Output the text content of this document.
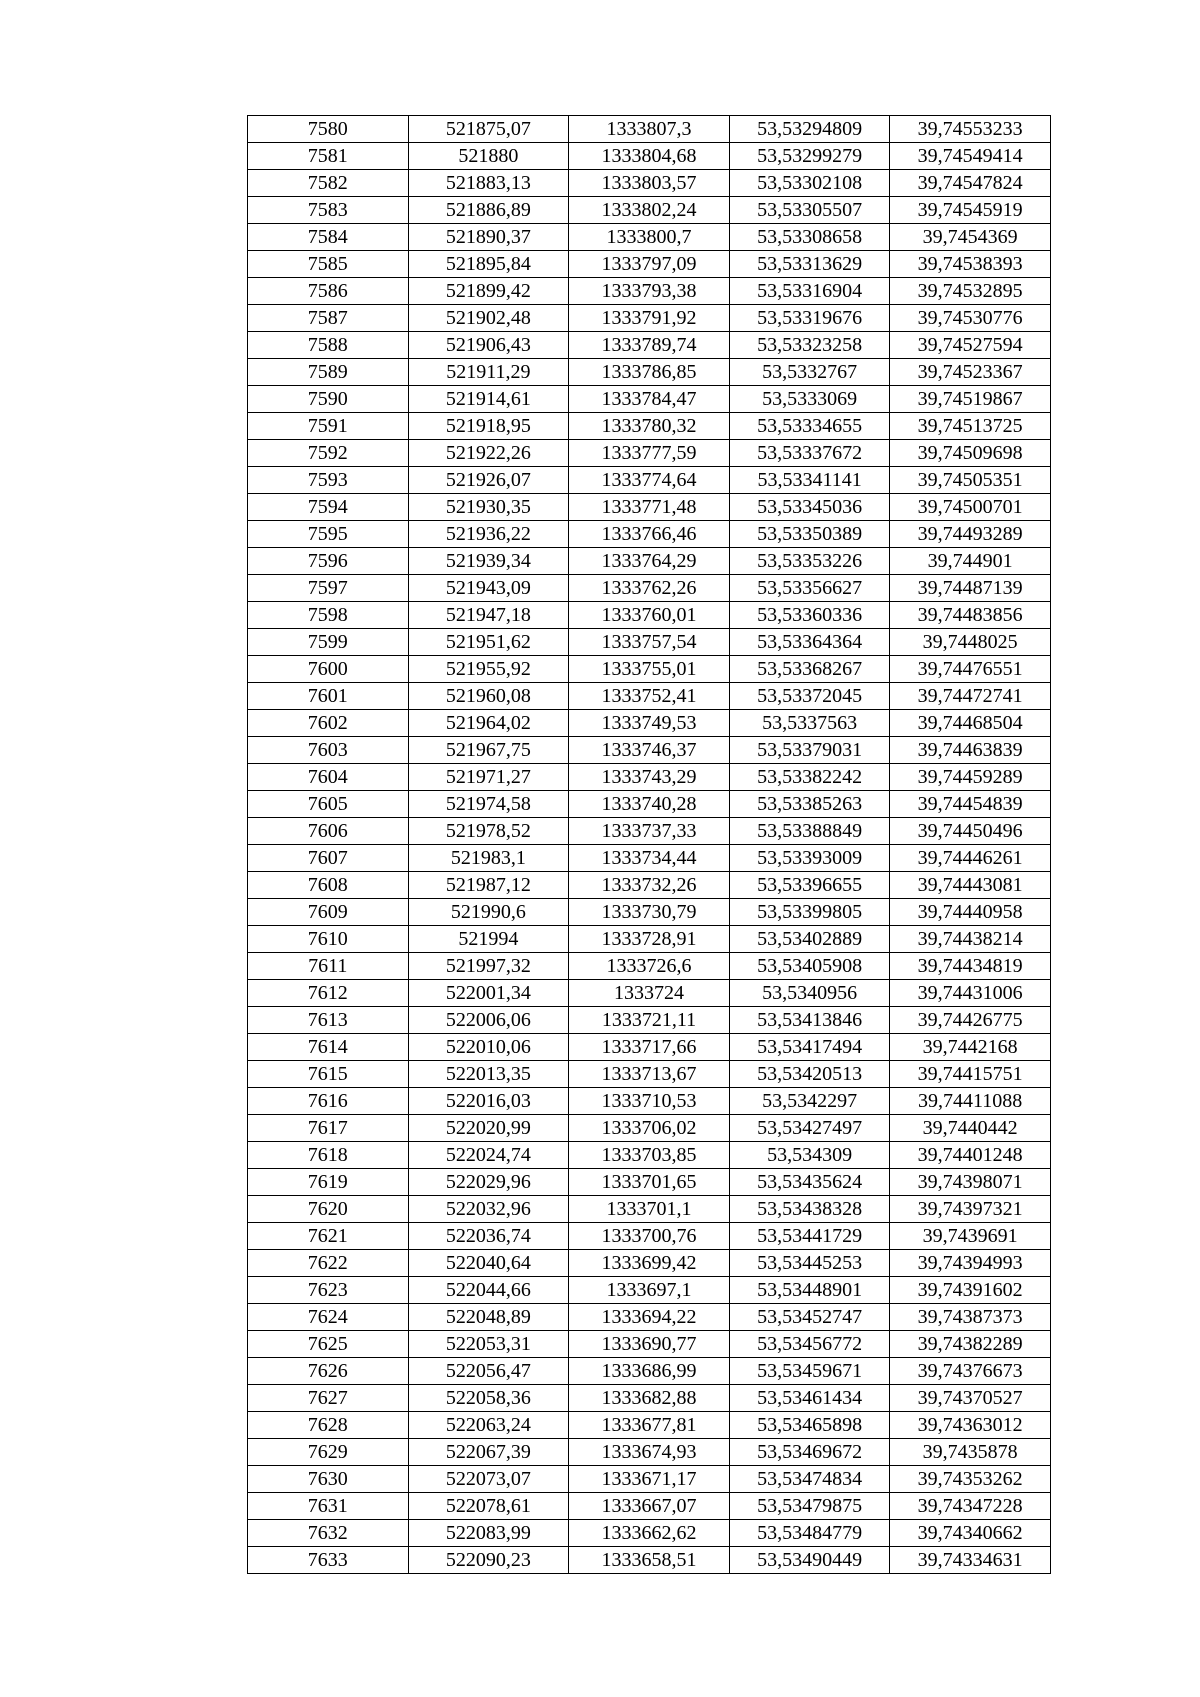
7580	521875,07	1333807,3	53,53294809	39,74553233
7581	521880	1333804,68	53,53299279	39,74549414
7582	521883,13	1333803,57	53,53302108	39,74547824
7583	521886,89	1333802,24	53,53305507	39,74545919
7584	521890,37	1333800,7	53,53308658	39,7454369
7585	521895,84	1333797,09	53,53313629	39,74538393
7586	521899,42	1333793,38	53,53316904	39,74532895
7587	521902,48	1333791,92	53,53319676	39,74530776
7588	521906,43	1333789,74	53,53323258	39,74527594
7589	521911,29	1333786,85	53,5332767	39,74523367
7590	521914,61	1333784,47	53,5333069	39,74519867
7591	521918,95	1333780,32	53,53334655	39,74513725
7592	521922,26	1333777,59	53,53337672	39,74509698
7593	521926,07	1333774,64	53,53341141	39,74505351
7594	521930,35	1333771,48	53,53345036	39,74500701
7595	521936,22	1333766,46	53,53350389	39,74493289
7596	521939,34	1333764,29	53,53353226	39,744901
7597	521943,09	1333762,26	53,53356627	39,74487139
7598	521947,18	1333760,01	53,53360336	39,74483856
7599	521951,62	1333757,54	53,53364364	39,7448025
7600	521955,92	1333755,01	53,53368267	39,74476551
7601	521960,08	1333752,41	53,53372045	39,74472741
7602	521964,02	1333749,53	53,5337563	39,74468504
7603	521967,75	1333746,37	53,53379031	39,74463839
7604	521971,27	1333743,29	53,53382242	39,74459289
7605	521974,58	1333740,28	53,53385263	39,74454839
7606	521978,52	1333737,33	53,53388849	39,74450496
7607	521983,1	1333734,44	53,53393009	39,74446261
7608	521987,12	1333732,26	53,53396655	39,74443081
7609	521990,6	1333730,79	53,53399805	39,74440958
7610	521994	1333728,91	53,53402889	39,74438214
7611	521997,32	1333726,6	53,53405908	39,74434819
7612	522001,34	1333724	53,5340956	39,74431006
7613	522006,06	1333721,11	53,53413846	39,74426775
7614	522010,06	1333717,66	53,53417494	39,7442168
7615	522013,35	1333713,67	53,53420513	39,74415751
7616	522016,03	1333710,53	53,5342297	39,74411088
7617	522020,99	1333706,02	53,53427497	39,7440442
7618	522024,74	1333703,85	53,534309	39,74401248
7619	522029,96	1333701,65	53,53435624	39,74398071
7620	522032,96	1333701,1	53,53438328	39,74397321
7621	522036,74	1333700,76	53,53441729	39,7439691
7622	522040,64	1333699,42	53,53445253	39,74394993
7623	522044,66	1333697,1	53,53448901	39,74391602
7624	522048,89	1333694,22	53,53452747	39,74387373
7625	522053,31	1333690,77	53,53456772	39,74382289
7626	522056,47	1333686,99	53,53459671	39,74376673
7627	522058,36	1333682,88	53,53461434	39,74370527
7628	522063,24	1333677,81	53,53465898	39,74363012
7629	522067,39	1333674,93	53,53469672	39,7435878
7630	522073,07	1333671,17	53,53474834	39,74353262
7631	522078,61	1333667,07	53,53479875	39,74347228
7632	522083,99	1333662,62	53,53484779	39,74340662
7633	522090,23	1333658,51	53,53490449	39,74334631
